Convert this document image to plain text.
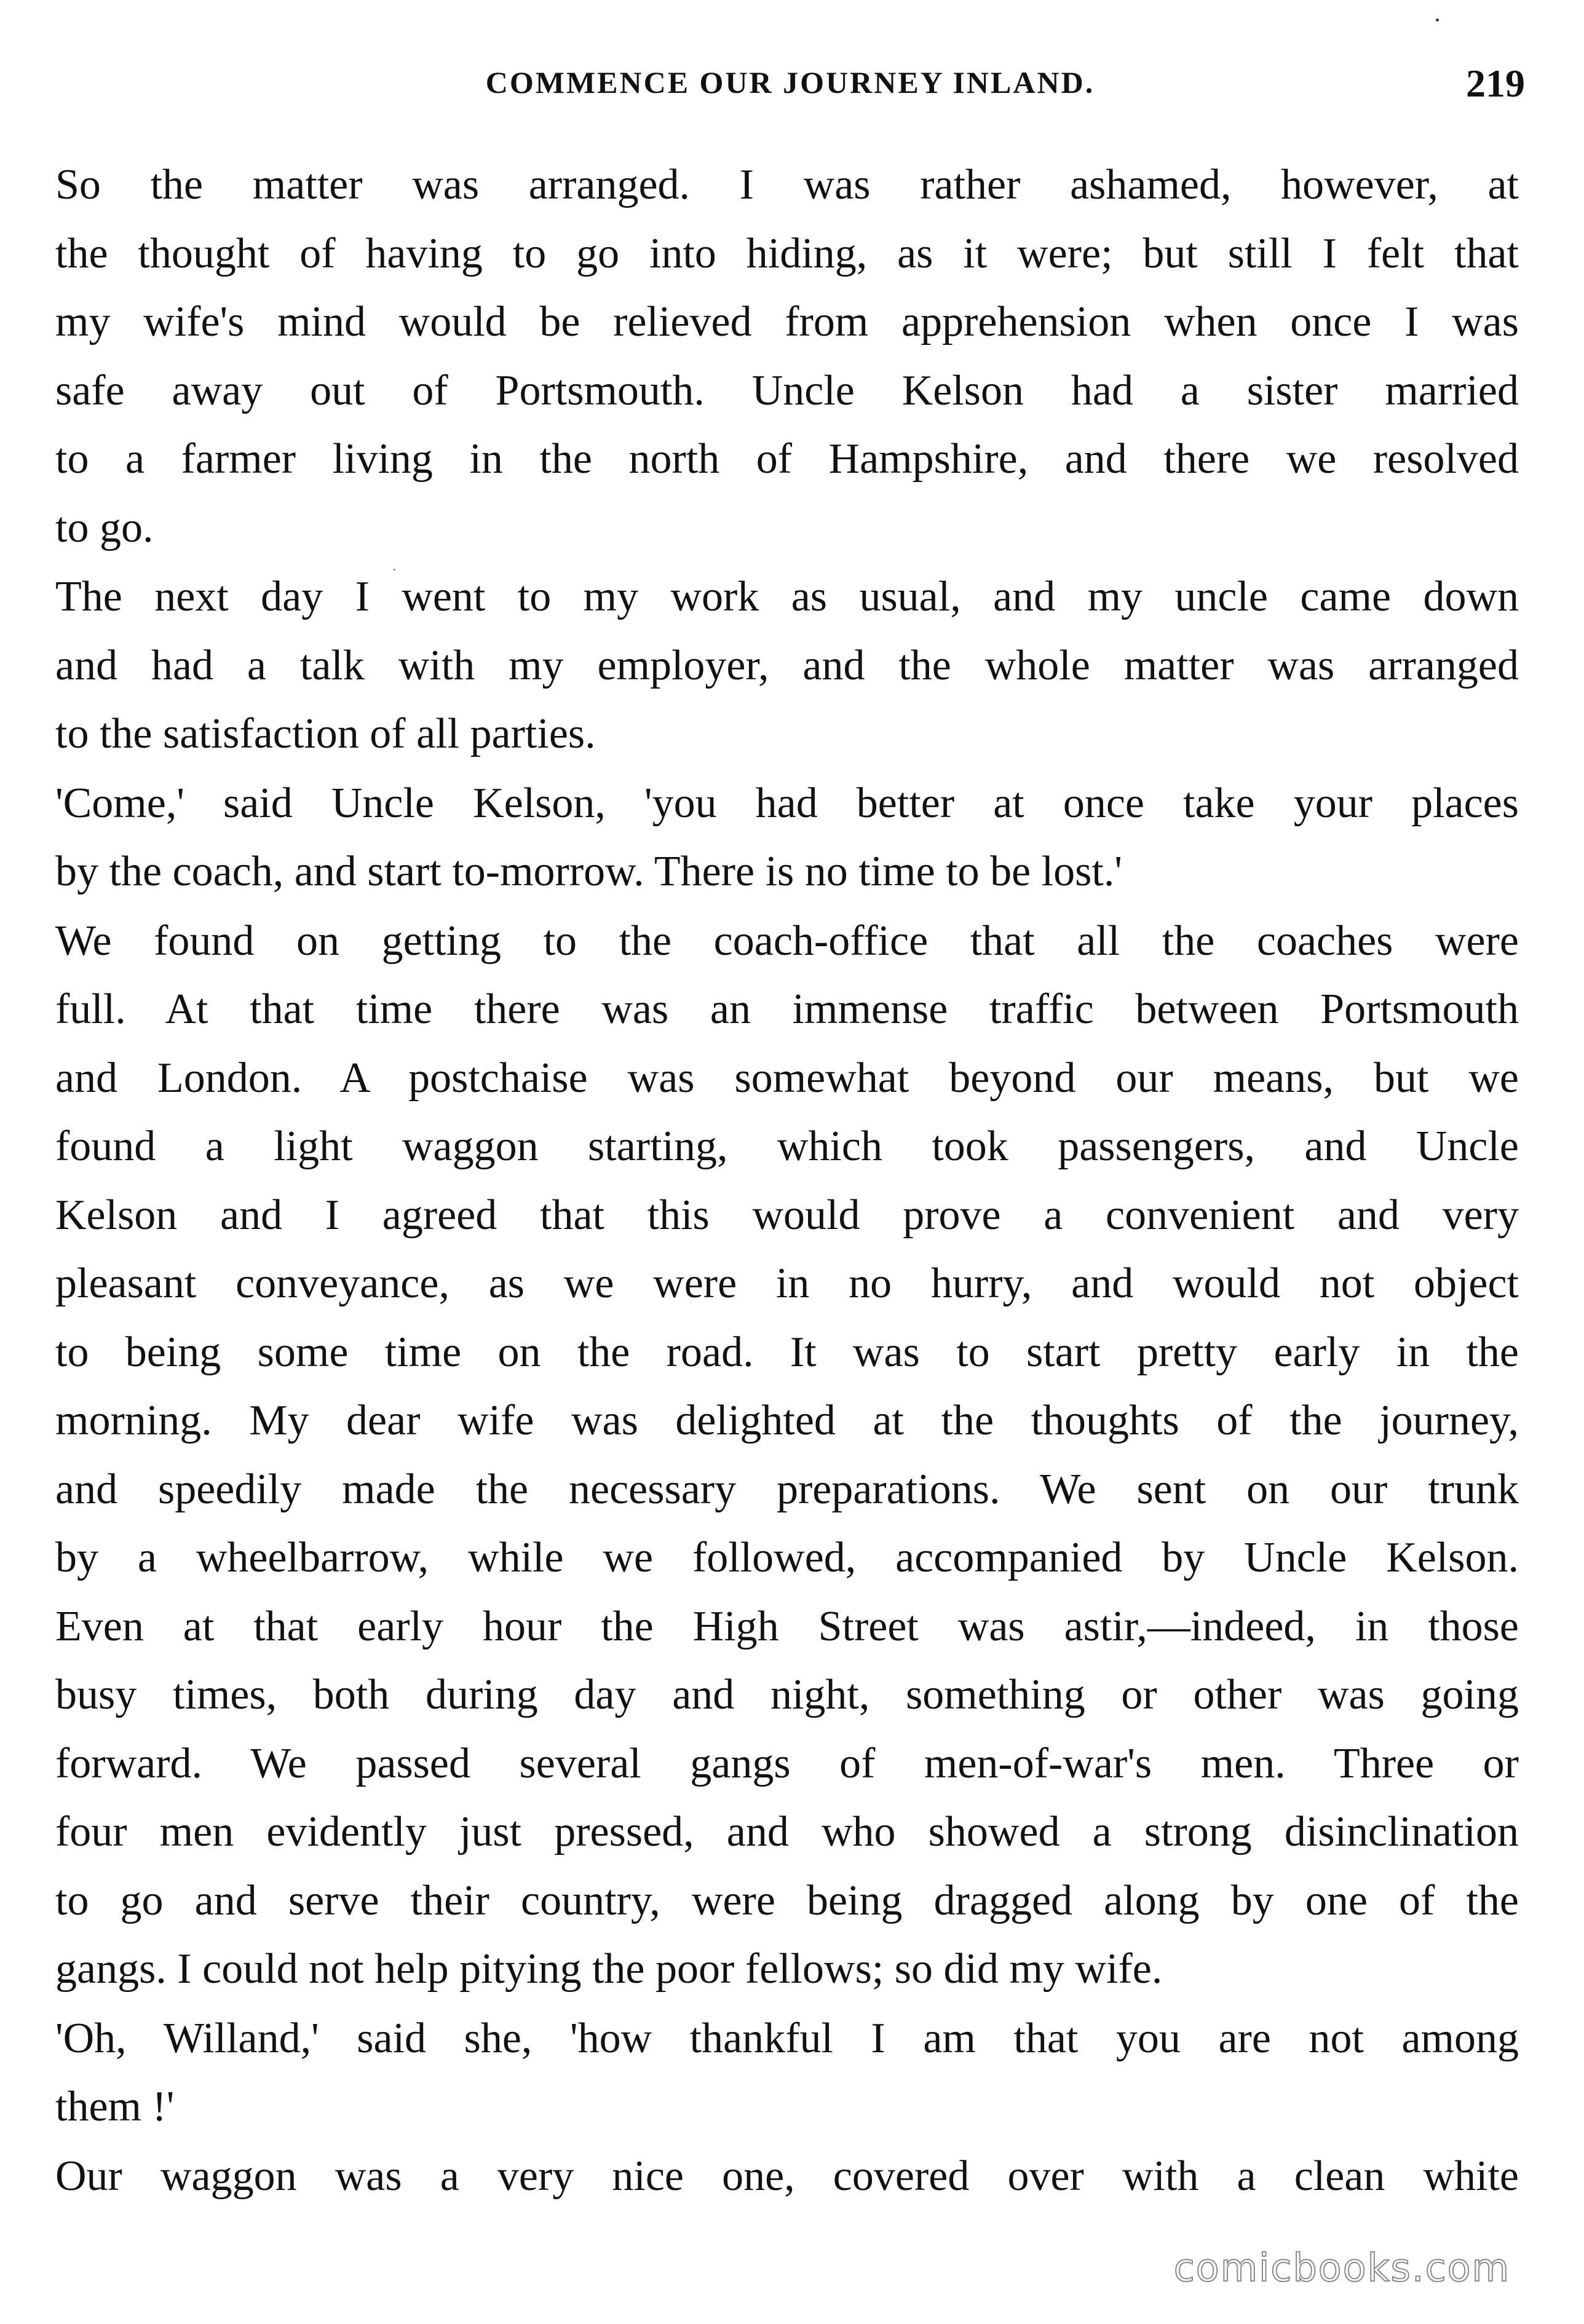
COMMENCE OUR JOURNEY INLAND.	219

So the matter was arranged. I was rather ashamed, however, at
the thought of having to go into hiding, as it were; but still I felt that
my wife's mind would be relieved from apprehension when once I was
safe away out of Portsmouth. Uncle Kelson had a sister married
to a farmer living in the north of Hampshire, and there we resolved
to go.

The next day I went to my work as usual, and my uncle came down
and had a talk with my employer, and the whole matter was arranged
to the satisfaction of all parties.

'Come,' said Uncle Kelson, 'you had better at once take your places
by the coach, and start to-morrow. There is no time to be lost.'

We found on getting to the coach-office that all the coaches were
full. At that time there was an immense traffic between Portsmouth
and London. A postchaise was somewhat beyond our means, but we
found a light waggon starting, which took passengers, and Uncle
Kelson and I agreed that this would prove a convenient and very
pleasant conveyance, as we were in no hurry, and would not object
to being some time on the road. It was to start pretty early in the
morning. My dear wife was delighted at the thoughts of the journey,
and speedily made the necessary preparations. We sent on our trunk
by a wheelbarrow, while we followed, accompanied by Uncle Kelson.
Even at that early hour the High Street was astir,—indeed, in those
busy times, both during day and night, something or other was going
forward. We passed several gangs of men-of-war's men. Three or
four men evidently just pressed, and who showed a strong disinclination
to go and serve their country, were being dragged along by one of the
gangs. I could not help pitying the poor fellows; so did my wife.

'Oh, Willand,' said she, 'how thankful I am that you are not among
them !'

Our waggon was a very nice one, covered over with a clean white

comicbooks.com
